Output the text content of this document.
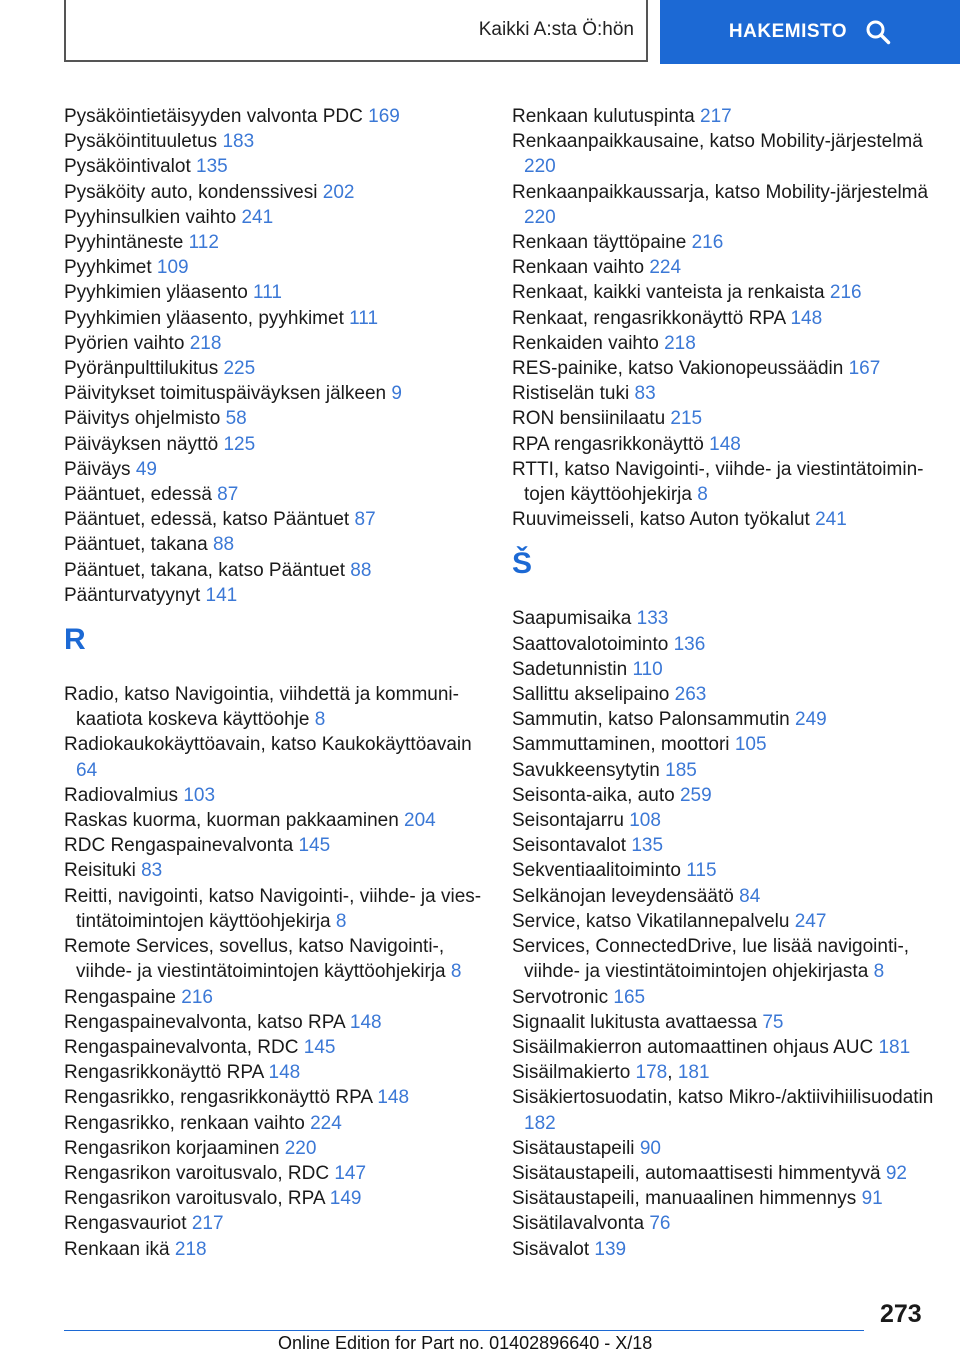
Kaikki A:sta Ö:hön	HAKEMISTO
Pysäköintietäisyyden valvonta PDC 169
Pysäköintituuletus 183
Pysäköintivalot 135
Pysäköity auto, kondenssivesi 202
Pyyhinsulkien vaihto 241
Pyyhintäneste 112
Pyyhkimet 109
Pyyhkimien yläasento 111
Pyyhkimien yläasento, pyyhkimet 111
Pyörien vaihto 218
Pyöränpulttilukitus 225
Päivitykset toimituspäiväyksen jälkeen 9
Päivitys ohjelmisto 58
Päiväyksen näyttö 125
Päiväys 49
Pääntuet, edessä 87
Pääntuet, edessä, katso Pääntuet 87
Pääntuet, takana 88
Pääntuet, takana, katso Pääntuet 88
Päänturvatyynyt 141
R
Radio, katso Navigointia, viihdettä ja kommunikaatiota koskeva käyttöohje 8
Radiokaukokäyttöavain, katso Kaukokäyttöavain 64
Radiovalmius 103
Raskas kuorma, kuorman pakkaaminen 204
RDC Rengaspainevalvonta 145
Reisituki 83
Reitti, navigointi, katso Navigointi-, viihde- ja viestintätoimintojen käyttöohjekirja 8
Remote Services, sovellus, katso Navigointi-, viihde- ja viestintätoimintojen käyttöohjekirja 8
Rengaspaine 216
Rengaspainevalvonta, katso RPA 148
Rengaspainevalvonta, RDC 145
Rengasrikkonäyttö RPA 148
Rengasrikko, rengasrikkonäyttö RPA 148
Rengasrikko, renkaan vaihto 224
Rengasrikon korjaaminen 220
Rengasrikon varoitusvalo, RDC 147
Rengasrikon varoitusvalo, RPA 149
Rengasvauriot 217
Renkaan ikä 218
Renkaan kulutuspinta 217
Renkaanpaikkausaine, katso Mobility-järjestelmä 220
Renkaanpaikkaussarja, katso Mobility-järjestelmä 220
Renkaan täyttöpaine 216
Renkaan vaihto 224
Renkaat, kaikki vanteista ja renkaista 216
Renkaat, rengasrikkonäyttö RPA 148
Renkaiden vaihto 218
RES-painike, katso Vakionopeussäädin 167
Ristiselän tuki 83
RON bensiinilaatu 215
RPA rengasrikkonäyttö 148
RTTI, katso Navigointi-, viihde- ja viestintätoimintojen käyttöohjekirja 8
Ruuvimeisseli, katso Auton työkalut 241
Š
Saapumisaika 133
Saattovalotoiminto 136
Sadetunnistin 110
Sallittu akselipaino 263
Sammutin, katso Palonsammutin 249
Sammuttaminen, moottori 105
Savukkeensytytin 185
Seisonta-aika, auto 259
Seisontajarru 108
Seisontavalot 135
Sekventiaalitoiminto 115
Selkänojan leveydensäätö 84
Service, katso Vikatilannepalvelu 247
Services, ConnectedDrive, lue lisää navigointi-, viihde- ja viestintätoimintojen ohjekirjasta 8
Servotronic 165
Signaalit lukitusta avattaessa 75
Sisäilmakierron automaattinen ohjaus AUC 181
Sisäilmakierto 178, 181
Sisäkiertosuodatin, katso Mikro-/aktiivihiilisuodatin 182
Sisätaustapeili 90
Sisätaustapeili, automaattisesti himmentyvä 92
Sisätaustapeili, manuaalinen himmennys 91
Sisätilavalvonta 76
Sisävalot 139
273
Online Edition for Part no. 01402896640 - X/18
